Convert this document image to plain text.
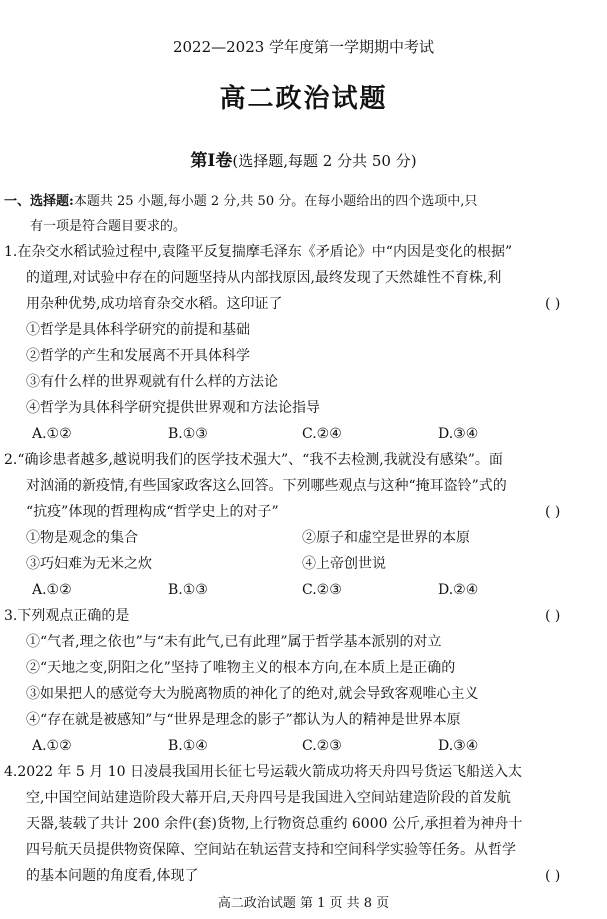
2022—2023 学年度第一学期期中考试
高二政治试题
第Ⅰ卷(选择题,每题 2 分共 50 分)
一、选择题:本题共 25 小题,每小题 2 分,共 50 分。在每小题给出的四个选项中,只
有一项是符合题目要求的。
1.在杂交水稻试验过程中,袁隆平反复揣摩毛泽东《矛盾论》中“内因是变化的根据”
的道理,对试验中存在的问题坚持从内部找原因,最终发现了天然雄性不育株,利
用杂种优势,成功培育杂交水稻。这印证了	( )
①哲学是具体科学研究的前提和基础
②哲学的产生和发展离不开具体科学
③有什么样的世界观就有什么样的方法论
④哲学为具体科学研究提供世界观和方法论指导
A.①②	B.①③	C.②④	D.③④
2.“确诊患者越多,越说明我们的医学技术强大”、“我不去检测,我就没有感染”。面
对汹涌的新疫情,有些国家政客这么回答。下列哪些观点与这种“掩耳盗铃”式的
“抗疫”体现的哲理构成“哲学史上的对子”	( )
①物是观念的集合	②原子和虚空是世界的本原
③巧妇难为无米之炊	④上帝创世说
A.①②	B.①③	C.②③	D.②④
3.下列观点正确的是	( )
①“气者,理之依也”与“未有此气,已有此理”属于哲学基本派别的对立
②“天地之变,阴阳之化”坚持了唯物主义的根本方向,在本质上是正确的
③如果把人的感觉夸大为脱离物质的神化了的绝对,就会导致客观唯心主义
④“存在就是被感知”与“世界是理念的影子”都认为人的精神是世界本原
A.①②	B.①④	C.②③	D.③④
4.2022 年 5 月 10 日凌晨我国用长征七号运载火箭成功将天舟四号货运飞船送入太
空,中国空间站建造阶段大幕开启,天舟四号是我国进入空间站建造阶段的首发航
天器,装载了共计 200 余件(套)货物,上行物资总重约 6000 公斤,承担着为神舟十
四号航天员提供物资保障、空间站在轨运营支持和空间科学实验等任务。从哲学
的基本问题的角度看,体现了	( )
高二政治试题 第 1 页 共 8 页
